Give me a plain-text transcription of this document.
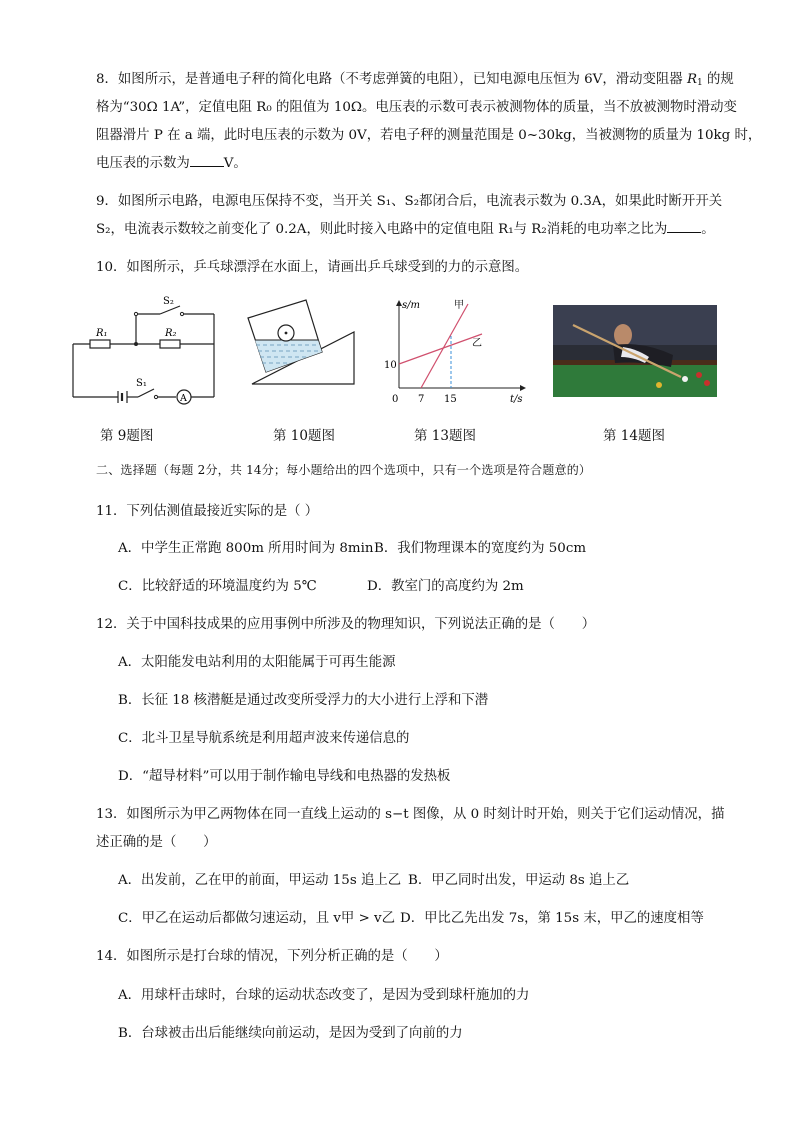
8．如图所示，是普通电子秤的简化电路（不考虑弹簧的电阻），已知电源电压恒为 6V，滑动变阻器 $R_1$ 的规
格为“30Ω 1A”，定值电阻 R₀ 的阻值为 10Ω。电压表的示数可表示被测物体的质量，当不放被测物时滑动变
阻器滑片 P 在 a 端，此时电压表的示数为 0V，若电子秤的测量范围是 0~30kg，当被测物的质量为 10kg 时，
电压表的示数为	V。
9．如图所示电路，电源电压保持不变，当开关 S₁、S₂都闭合后，电流表示数为 0.3A，如果此时断开开关
S₂，电流表示数较之前变化了 0.2A，则此时接入电路中的定值电阻 R₁与 R₂消耗的电功率之比为	。
10．如图所示，乒乓球漂浮在水面上，请画出乒乓球受到的力的示意图。
S₂
R₁	R₂
S₁
A
s/m
t/s
甲
乙
10
0 7 15
第 9题图	第 10题图	第 13题图	第 14题图
二、选择题（每题 2分，共 14分；每小题给出的四个选项中，只有一个选项是符合题意的）
11．下列估测值最接近实际的是（ ）
A．中学生正常跑 800m 所用时间为 8min B．我们物理课本的宽度约为 50cm
C．比较舒适的环境温度约为 5℃	D．教室门的高度约为 2m
12．关于中国科技成果的应用事例中所涉及的物理知识，下列说法正确的是（　　）
A．太阳能发电站利用的太阳能属于可再生能源
B．长征 18 核潜艇是通过改变所受浮力的大小进行上浮和下潜
C．北斗卫星导航系统是利用超声波来传递信息的
D．“超导材料”可以用于制作输电导线和电热器的发热板
13．如图所示为甲乙两物体在同一直线上运动的 s−t 图像，从 0 时刻计时开始，则关于它们运动情况，描
述正确的是（　　）
A．出发前，乙在甲的前面，甲运动 15s 追上乙 B．甲乙同时出发，甲运动 8s 追上乙
C．甲乙在运动后都做匀速运动，且 v甲 > v乙 D．甲比乙先出发 7s，第 15s 末，甲乙的速度相等
14．如图所示是打台球的情况，下列分析正确的是（　　）
A．用球杆击球时，台球的运动状态改变了，是因为受到球杆施加的力
B．台球被击出后能继续向前运动，是因为受到了向前的力
